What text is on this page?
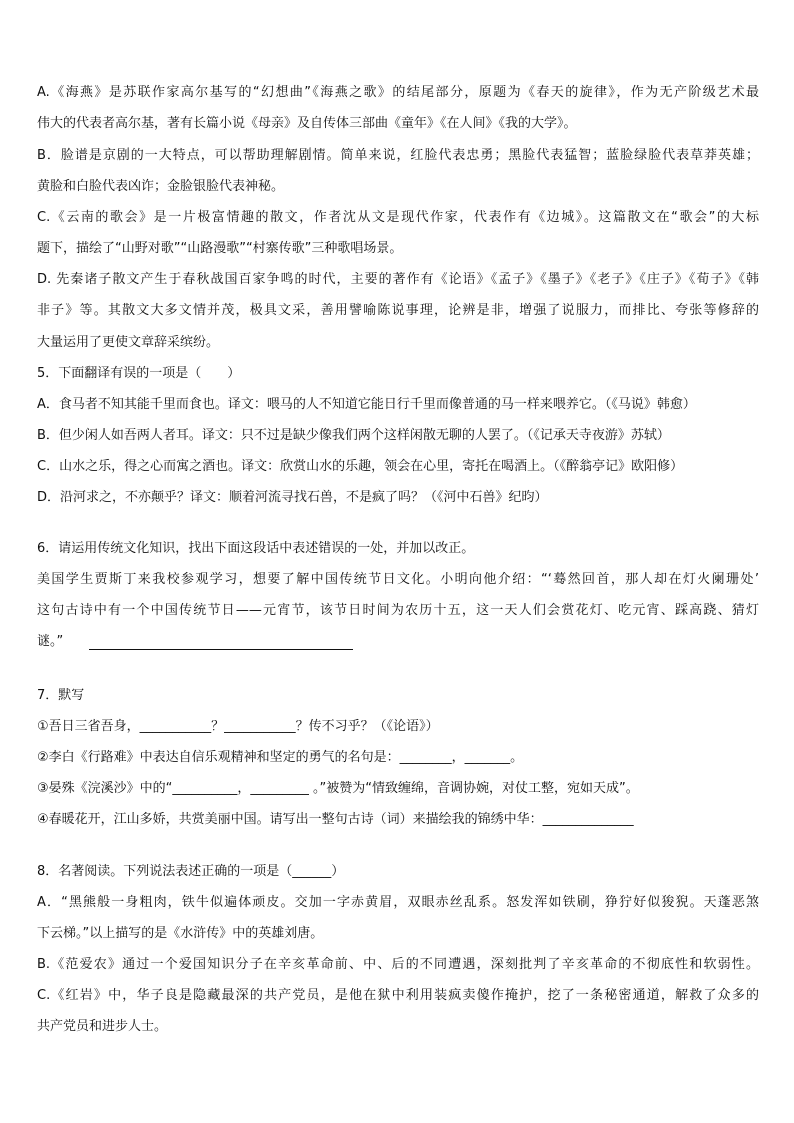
A.《海燕》是苏联作家高尔基写的“幻想曲”《海燕之歌》的结尾部分，原题为《春天的旋律》，作为无产阶级艺术最
伟大的代表者高尔基，著有长篇小说《母亲》及自传体三部曲《童年》《在人间》《我的大学》。
B．脸谱是京剧的一大特点，可以帮助理解剧情。简单来说，红脸代表忠勇；黑脸代表猛智；蓝脸绿脸代表草莽英雄；
黄脸和白脸代表凶诈；金脸银脸代表神秘。
C.《云南的歌会》是一片极富情趣的散文，作者沈从文是现代作家，代表作有《边城》。这篇散文在“歌会”的大标
题下，描绘了“山野对歌”“山路漫歌”“村寨传歌”三种歌唱场景。
D. 先秦诸子散文产生于春秋战国百家争鸣的时代，主要的著作有《论语》《孟子》《墨子》《老子》《庄子》《荀子》《韩
非子》等。其散文大多文情并茂，极具文采，善用譬喻陈说事理，论辨是非，增强了说服力，而排比、夸张等修辞的
大量运用了更使文章辞采缤纷。
5．下面翻译有误的一项是（　　）
A．食马者不知其能千里而食也。译文：喂马的人不知道它能日行千里而像普通的马一样来喂养它。（《马说》韩愈）
B．但少闲人如吾两人者耳。译文：只不过是缺少像我们两个这样闲散无聊的人罢了。（《记承天寺夜游》苏轼）
C．山水之乐，得之心而寓之酒也。译文：欣赏山水的乐趣，领会在心里，寄托在喝酒上。（《醉翁亭记》欧阳修）
D．沿河求之，不亦颠乎？译文：顺着河流寻找石兽，不是疯了吗？（《河中石兽》纪昀）
6．请运用传统文化知识，找出下面这段话中表述错误的一处，并加以改正。
美国学生贾斯丁来我校参观学习，想要了解中国传统节日文化。小明向他介绍：“‘蓦然回首，那人却在灯火阑珊处’
这句古诗中有一个中国传统节日——元宵节，该节日时间为农历十五，这一天人们会赏花灯、吃元宵、踩高跷、猜灯
谜。”
7．默写
①吾日三省吾身，___________？___________？传不习乎？（《论语》）
②李白《行路难》中表达自信乐观精神和坚定的勇气的名句是：________，_______。
③晏殊《浣溪沙》中的“__________，_________ 。”被赞为“情致缠绵，音调协婉，对仗工整，宛如天成”。
④春暖花开，江山多娇，共赏美丽中国。请写出一整句古诗（词）来描绘我的锦绣中华：______________
8．名著阅读。下列说法表述正确的一项是（______）
A．“黑熊般一身粗肉，铁牛似遍体顽皮。交加一字赤黄眉，双眼赤丝乱系。怒发浑如铁刷，狰狞好似狻猊。天蓬恶煞
下云梯。”以上描写的是《水浒传》中的英雄刘唐。
B.《范爱农》通过一个爱国知识分子在辛亥革命前、中、后的不同遭遇，深刻批判了辛亥革命的不彻底性和软弱性。
C.《红岩》中，华子良是隐藏最深的共产党员，是他在狱中利用装疯卖傻作掩护，挖了一条秘密通道，解救了众多的
共产党员和进步人士。
